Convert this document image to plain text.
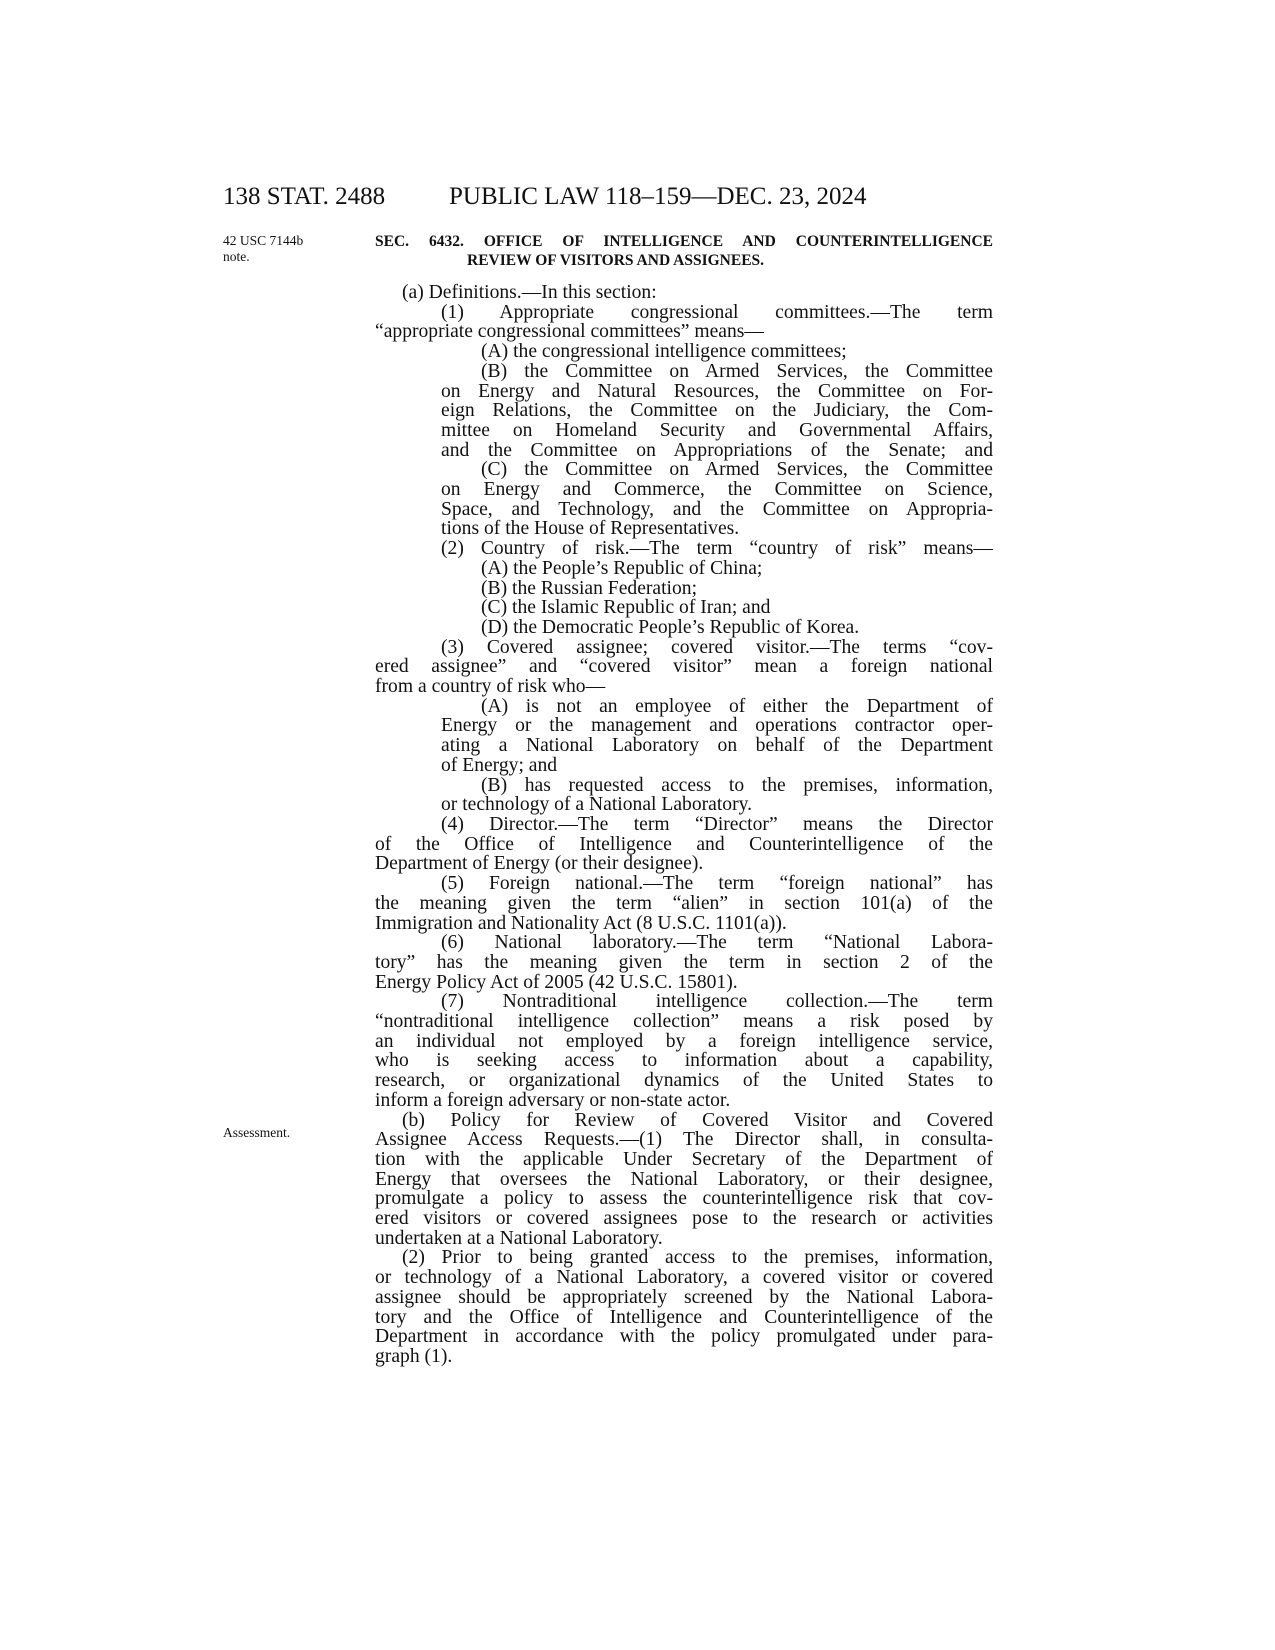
138 STAT. 2488	PUBLIC LAW 118–159—DEC. 23, 2024
42 USC 7144b
note.
Assessment.
SEC. 6432. OFFICE OF INTELLIGENCE AND COUNTERINTELLIGENCE
REVIEW OF VISITORS AND ASSIGNEES.
(a) Definitions.—In this section:
(1) Appropriate congressional committees.—The term
“appropriate congressional committees” means—
(A) the congressional intelligence committees;
(B) the Committee on Armed Services, the Committee
on Energy and Natural Resources, the Committee on For-
eign Relations, the Committee on the Judiciary, the Com-
mittee on Homeland Security and Governmental Affairs,
and the Committee on Appropriations of the Senate; and
(C) the Committee on Armed Services, the Committee
on Energy and Commerce, the Committee on Science,
Space, and Technology, and the Committee on Appropria-
tions of the House of Representatives.
(2) Country of risk.—The term “country of risk” means—
(A) the People’s Republic of China;
(B) the Russian Federation;
(C) the Islamic Republic of Iran; and
(D) the Democratic People’s Republic of Korea.
(3) Covered assignee; covered visitor.—The terms “cov-
ered assignee” and “covered visitor” mean a foreign national
from a country of risk who—
(A) is not an employee of either the Department of
Energy or the management and operations contractor oper-
ating a National Laboratory on behalf of the Department
of Energy; and
(B) has requested access to the premises, information,
or technology of a National Laboratory.
(4) Director.—The term “Director” means the Director
of the Office of Intelligence and Counterintelligence of the
Department of Energy (or their designee).
(5) Foreign national.—The term “foreign national” has
the meaning given the term “alien” in section 101(a) of the
Immigration and Nationality Act (8 U.S.C. 1101(a)).
(6) National laboratory.—The term “National Labora-
tory” has the meaning given the term in section 2 of the
Energy Policy Act of 2005 (42 U.S.C. 15801).
(7) Nontraditional intelligence collection.—The term
“nontraditional intelligence collection” means a risk posed by
an individual not employed by a foreign intelligence service,
who is seeking access to information about a capability,
research, or organizational dynamics of the United States to
inform a foreign adversary or non-state actor.
(b) Policy for Review of Covered Visitor and Covered
Assignee Access Requests.—(1) The Director shall, in consulta-
tion with the applicable Under Secretary of the Department of
Energy that oversees the National Laboratory, or their designee,
promulgate a policy to assess the counterintelligence risk that cov-
ered visitors or covered assignees pose to the research or activities
undertaken at a National Laboratory.
(2) Prior to being granted access to the premises, information,
or technology of a National Laboratory, a covered visitor or covered
assignee should be appropriately screened by the National Labora-
tory and the Office of Intelligence and Counterintelligence of the
Department in accordance with the policy promulgated under para-
graph (1).
